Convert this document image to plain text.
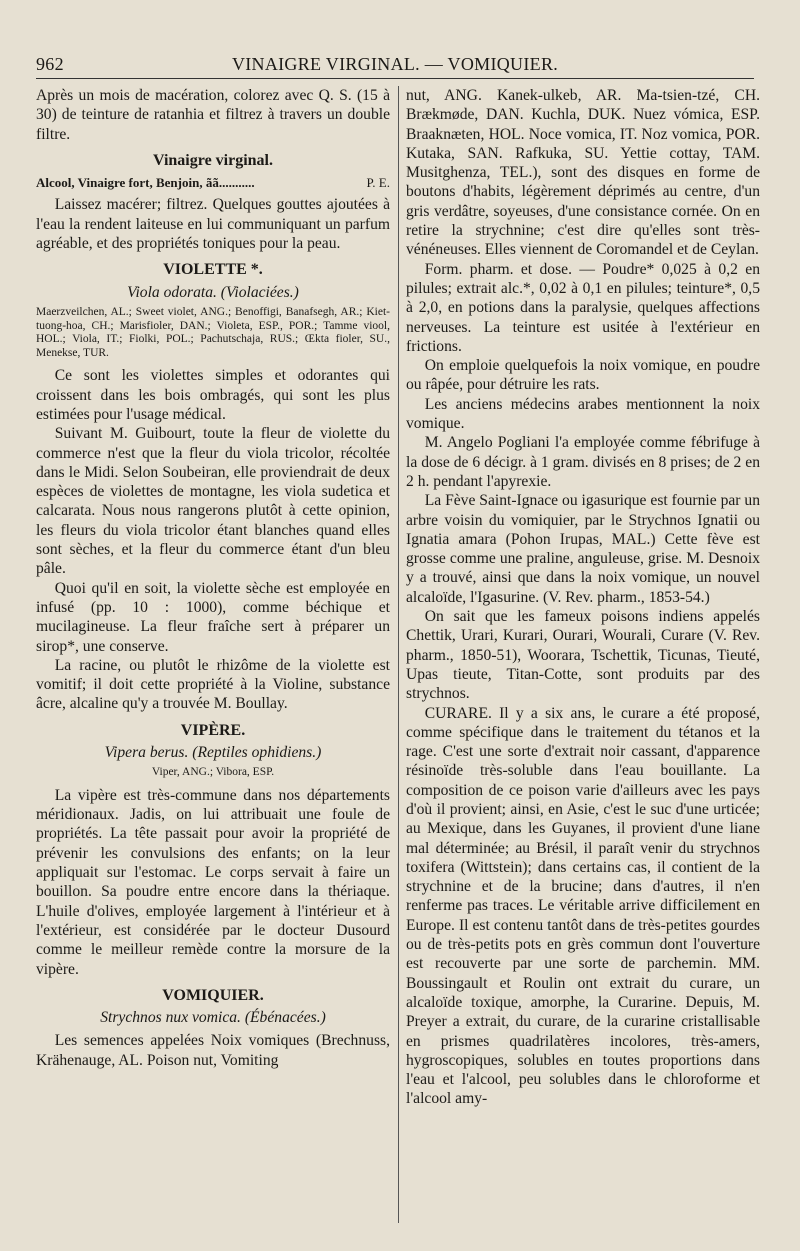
962	VINAIGRE VIRGINAL. — VOMIQUIER.

Après un mois de macération, colorez avec Q. S. (15 à 30) de teinture de ratanhia et filtrez à travers un double filtre.

Vinaigre virginal.
Alcool, Vinaigre fort, Benjoin, ãã...........	P. E.

Laissez macérer; filtrez. Quelques gouttes ajoutées à l'eau la rendent laiteuse en lui communiquant un parfum agréable, et des propriétés toniques pour la peau.

VIOLETTE *.
Viola odorata. (Violaciées.)

Maerzveilchen, AL.; Sweet violet, ANG.; Benoffigi, Banafsegh, AR.; Kiet-tuong-hoa, CH.; Marisfioler, DAN.; Violeta, ESP., POR.; Tamme viool, HOL.; Viola, IT.; Fiolki, POL.; Pachutschaja, RUS.; Œkta fioler, SU., Menekse, TUR.

Ce sont les violettes simples et odorantes qui croissent dans les bois ombragés, qui sont les plus estimées pour l'usage médical.

Suivant M. Guibourt, toute la fleur de violette du commerce n'est que la fleur du viola tricolor, récoltée dans le Midi. Selon Soubeiran, elle proviendrait de deux espèces de violettes de montagne, les viola sudetica et calcarata. Nous nous rangerons plutôt à cette opinion, les fleurs du viola tricolor étant blanches quand elles sont sèches, et la fleur du commerce étant d'un bleu pâle.

Quoi qu'il en soit, la violette sèche est employée en infusé (pp. 10 : 1000), comme béchique et mucilagineuse. La fleur fraîche sert à préparer un sirop*, une conserve.

La racine, ou plutôt le rhizôme de la violette est vomitif; il doit cette propriété à la Violine, substance âcre, alcaline qu'y a trouvée M. Boullay.

VIPÈRE.
Vipera berus. (Reptiles ophidiens.)
Viper, ANG.; Vibora, ESP.

La vipère est très-commune dans nos départements méridionaux. Jadis, on lui attribuait une foule de propriétés. La tête passait pour avoir la propriété de prévenir les convulsions des enfants; on la leur appliquait sur l'estomac. Le corps servait à faire un bouillon. Sa poudre entre encore dans la thériaque. L'huile d'olives, employée largement à l'intérieur et à l'extérieur, est considérée par le docteur Dusourd comme le meilleur remède contre la morsure de la vipère.

VOMIQUIER.
Strychnos nux vomica. (Ébénacées.)

Les semences appelées Noix vomiques (Brechnuss, Krähenauge, AL. Poison nut, Vomiting

nut, ANG. Kanek-ulkeb, AR. Ma-tsien-tzé, CH. Brækmøde, DAN. Kuchla, DUK. Nuez vómica, ESP. Braaknæten, HOL. Noce vomica, IT. Noz vomica, POR. Kutaka, SAN. Rafkuka, SU. Yettie cottay, TAM. Musitghenza, TEL.), sont des disques en forme de boutons d'habits, légèrement déprimés au centre, d'un gris verdâtre, soyeuses, d'une consistance cornée. On en retire la strychnine; c'est dire qu'elles sont très-vénéneuses. Elles viennent de Coromandel et de Ceylan.

Form. pharm. et dose. — Poudre* 0,025 à 0,2 en pilules; extrait alc.*, 0,02 à 0,1 en pilules; teinture*, 0,5 à 2,0, en potions dans la paralysie, quelques affections nerveuses. La teinture est usitée à l'extérieur en frictions.

On emploie quelquefois la noix vomique, en poudre ou râpée, pour détruire les rats.

Les anciens médecins arabes mentionnent la noix vomique.

M. Angelo Pogliani l'a employée comme fébrifuge à la dose de 6 décigr. à 1 gram. divisés en 8 prises; de 2 en 2 h. pendant l'apyrexie.

La Fève Saint-Ignace ou igasurique est fournie par un arbre voisin du vomiquier, par le Strychnos Ignatii ou Ignatia amara (Pohon Irupas, MAL.) Cette fève est grosse comme une praline, anguleuse, grise. M. Desnoix y a trouvé, ainsi que dans la noix vomique, un nouvel alcaloïde, l'Igasurine. (V. Rev. pharm., 1853-54.)

On sait que les fameux poisons indiens appelés Chettik, Urari, Kurari, Ourari, Wourali, Curare (V. Rev. pharm., 1850-51), Woorara, Tschettik, Ticunas, Tieuté, Upas tieute, Titan-Cotte, sont produits par des strychnos.

CURARE. Il y a six ans, le curare a été proposé, comme spécifique dans le traitement du tétanos et la rage. C'est une sorte d'extrait noir cassant, d'apparence résinoïde très-soluble dans l'eau bouillante. La composition de ce poison varie d'ailleurs avec les pays d'où il provient; ainsi, en Asie, c'est le suc d'une urticée; au Mexique, dans les Guyanes, il provient d'une liane mal déterminée; au Brésil, il paraît venir du strychnos toxifera (Wittstein); dans certains cas, il contient de la strychnine et de la brucine; dans d'autres, il n'en renferme pas traces. Le véritable arrive difficilement en Europe. Il est contenu tantôt dans de très-petites gourdes ou de très-petits pots en grès commun dont l'ouverture est recouverte par une sorte de parchemin. MM. Boussingault et Roulin ont extrait du curare, un alcaloïde toxique, amorphe, la Curarine. Depuis, M. Preyer a extrait, du curare, de la curarine cristallisable en prismes quadrilatères incolores, très-amers, hygroscopiques, solubles en toutes proportions dans l'eau et l'alcool, peu solubles dans le chloroforme et l'alcool amy-
